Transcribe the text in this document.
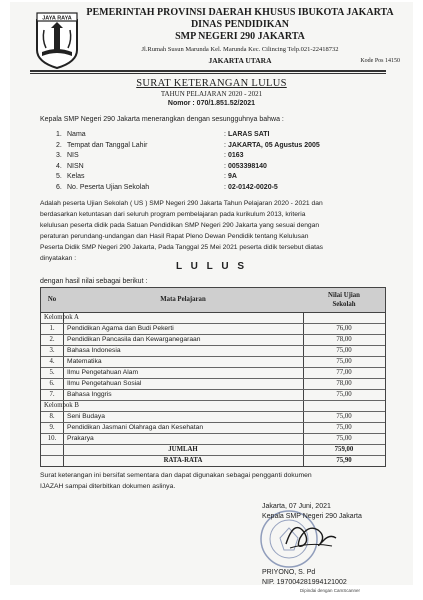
JAYA RAYA
PEMERINTAH PROVINSI DAERAH KHUSUS IBUKOTA JAKARTA
DINAS PENDIDIKAN
SMP NEGERI 290 JAKARTA
Jl.Rumah Susun Marunda Kel. Marunda Kec. Cilincing Telp.021-22418732
JAKARTA UTARA	Kode Pos 14150
SURAT KETERANGAN LULUS
TAHUN PELAJARAN 2020 - 2021
Nomor : 070/1.851.52/2021
Kepala SMP Negeri 290 Jakarta menerangkan dengan sesungguhnya bahwa :
1. Nama	: LARAS SATI
2. Tempat dan Tanggal Lahir	: JAKARTA, 05 Agustus 2005
3. NIS	: 0163
4. NISN	: 0053398140
5. Kelas	: 9A
6. No. Peserta Ujian Sekolah	: 02-0142-0020-5
Adalah peserta Ujian Sekolah ( US ) SMP Negeri 290 Jakarta Tahun Pelajaran 2020 - 2021 dan
berdasarkan ketuntasan dari seluruh program pembelajaran pada kurikulum 2013, kriteria
kelulusan peserta didik pada Satuan Pendidikan SMP Negeri 290 Jakarta yang sesuai dengan
peraturan perundang-undangan dan Hasil Rapat Pleno Dewan Pendidik tentang Kelulusan
Peserta Didik SMP Negeri 290 Jakarta, Pada Tanggal 25 Mei 2021 peserta didik tersebut diatas
dinyatakan :
L U L U S
dengan hasil nilai sebagai berikut :
No	Mata Pelajaran
Nilai Ujian
Sekolah
Kelompok A
1.	Pendidikan Agama dan Budi Pekerti	76,00
2.	Pendidikan Pancasila dan Kewarganegaraan	78,00
3.	Bahasa Indonesia	75,00
4.	Matematika	75,00
5.	Ilmu Pengetahuan Alam	77,00
6.	Ilmu Pengetahuan Sosial	78,00
7.	Bahasa Inggris	75,00
Kelompok B
8.	Seni Budaya	75,00
9.	Pendidikan Jasmani Olahraga dan Kesehatan	75,00
10.	Prakarya	75,00
JUMLAH	759,00
RATA-RATA	75,90
Surat keterangan ini bersifat sementara dan dapat digunakan sebagai pengganti dokumen
IJAZAH sampai diterbitkan dokumen aslinya.
Jakarta, 07 Juni, 2021
Kepala SMP Negeri 290 Jakarta
PRIYONO, S. Pd
NIP. 197004281994121002
Dipindai dengan CamScanner
